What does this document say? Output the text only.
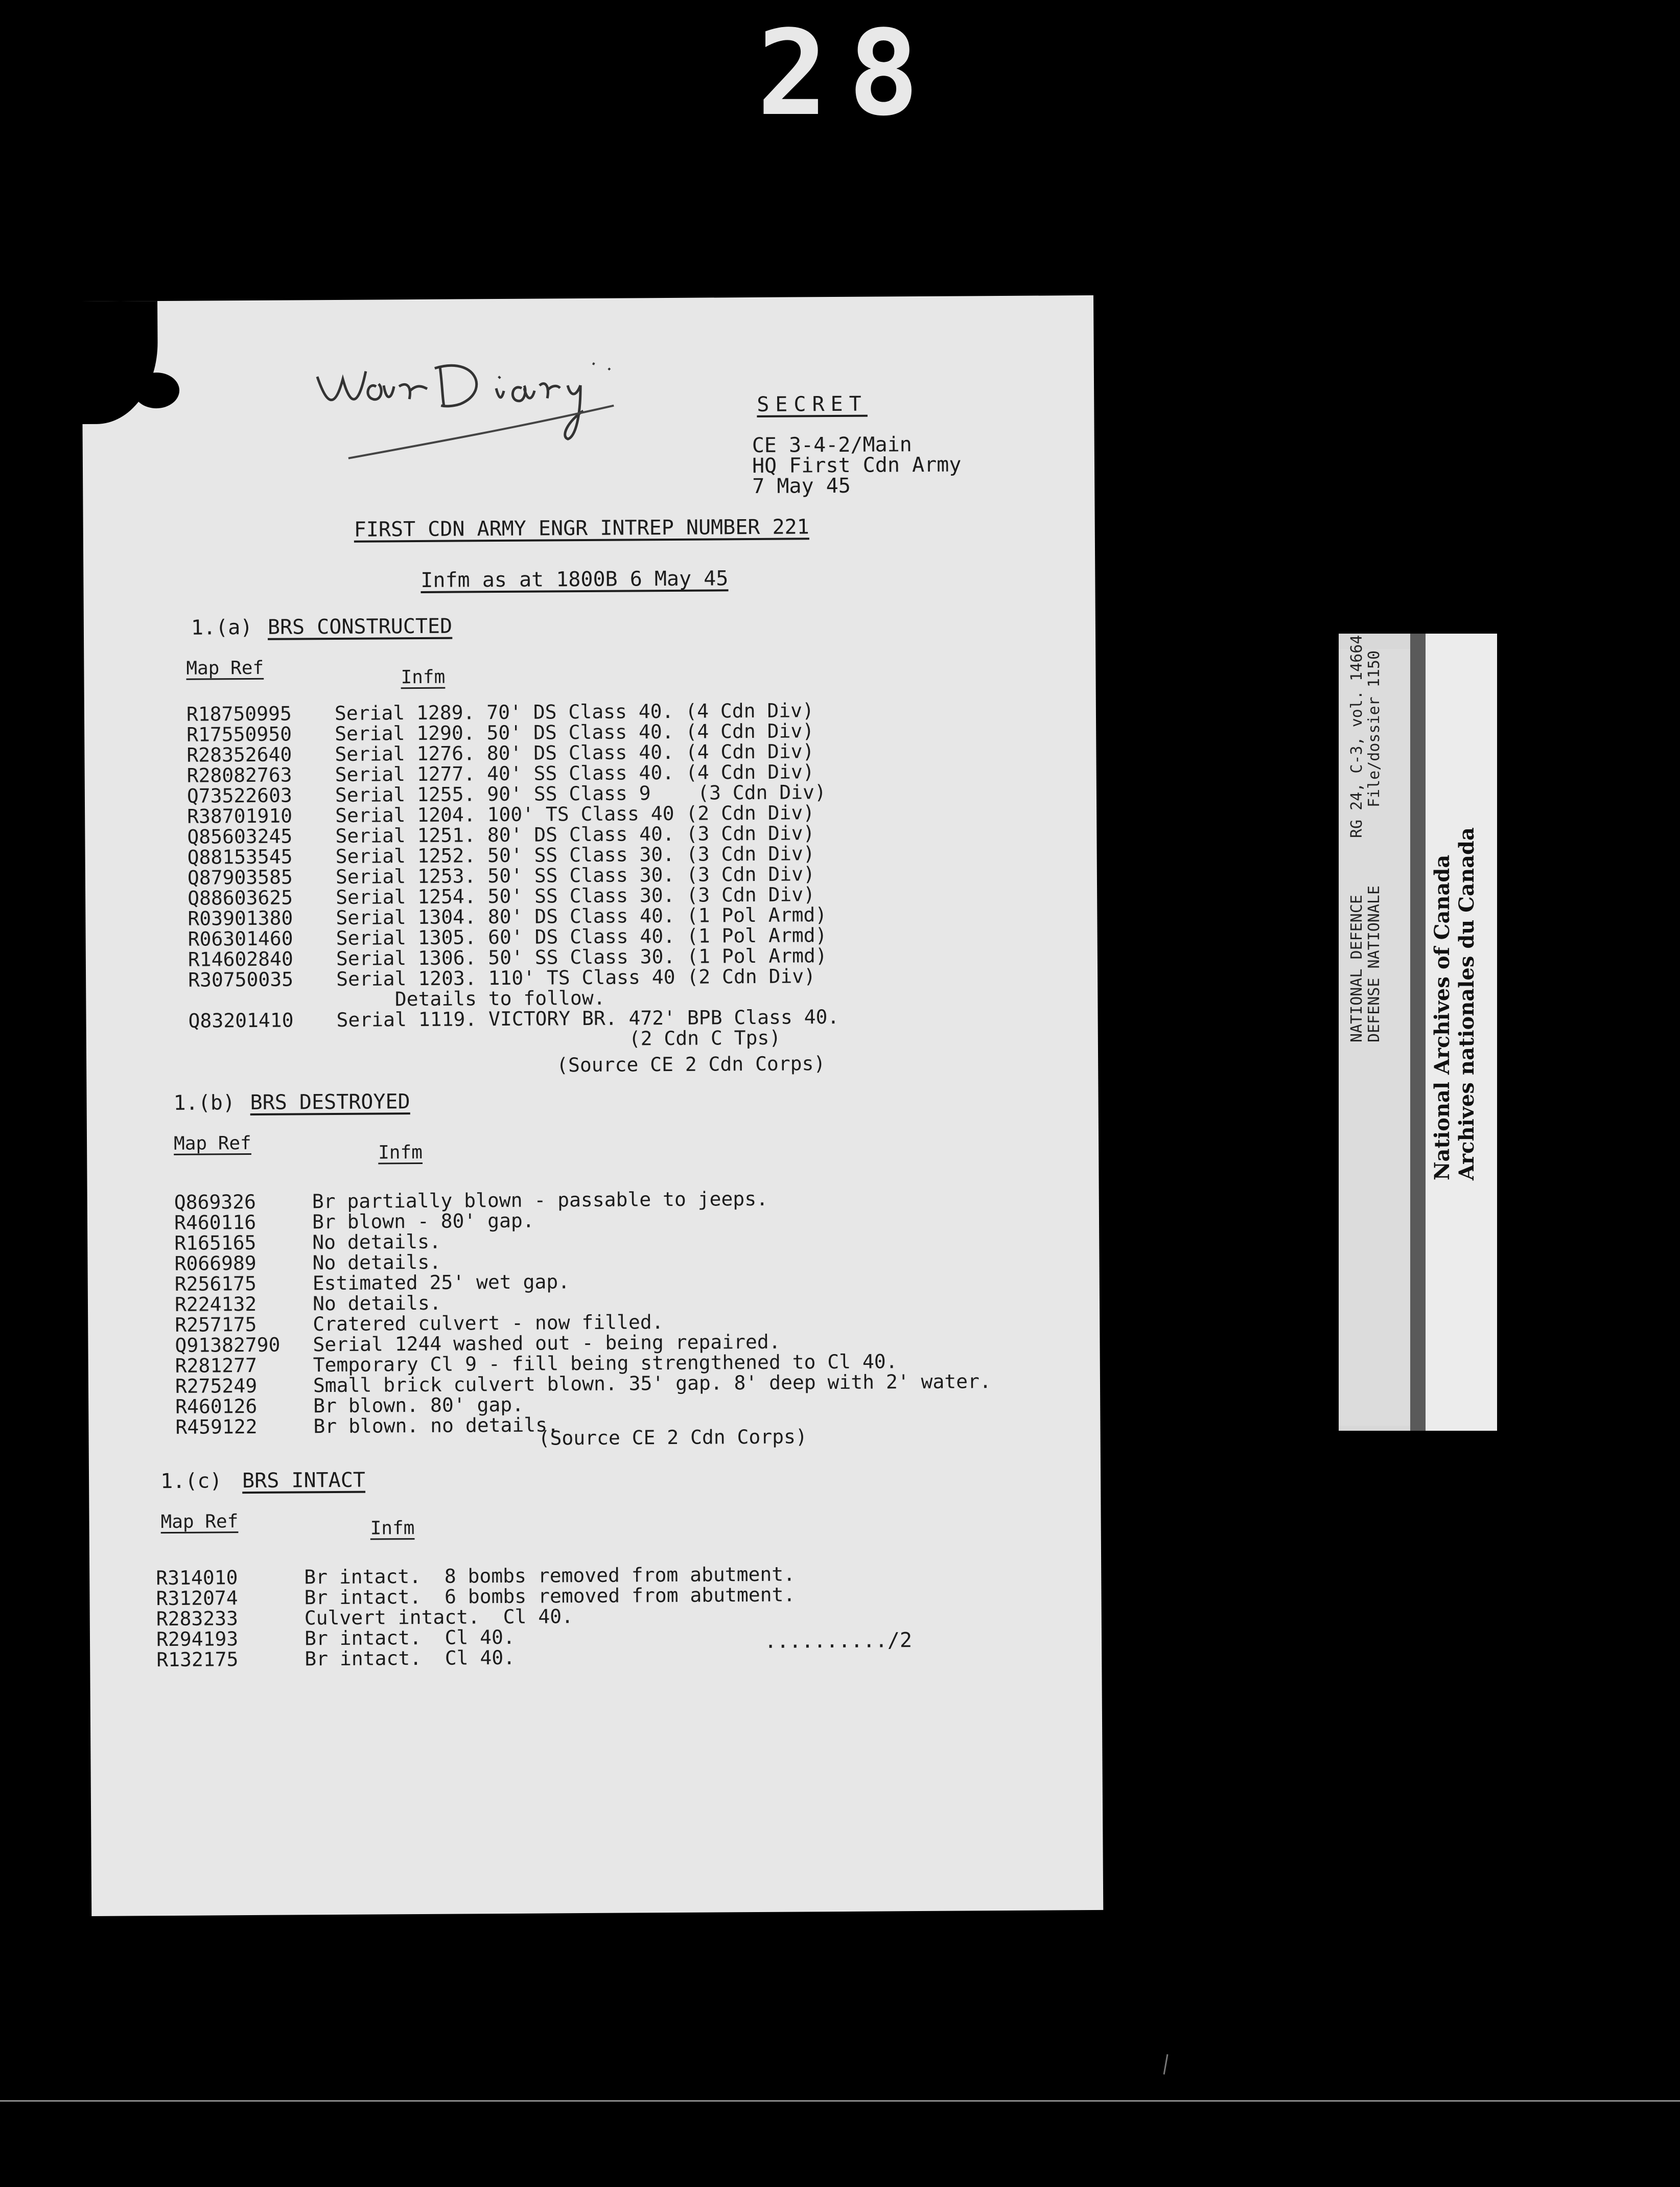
28
SECRET
CE 3-4-2/Main
HQ First Cdn Army
7 May 45
FIRST CDN ARMY ENGR INTREP NUMBER 221
Infm as at 1800B 6 May 45
1.(a) BRS CONSTRUCTED
Map Ref	Infm
R18750995 Serial 1289. 70' DS Class 40. (4 Cdn Div)
R17550950 Serial 1290. 50' DS Class 40. (4 Cdn Div)
R28352640 Serial 1276. 80' DS Class 40. (4 Cdn Div)
R28082763 Serial 1277. 40' SS Class 40. (4 Cdn Div)
Q73522603 Serial 1255. 90' SS Class 9    (3 Cdn Div)
R38701910 Serial 1204. 100' TS Class 40 (2 Cdn Div)
Q85603245 Serial 1251. 80' DS Class 40. (3 Cdn Div)
Q88153545 Serial 1252. 50' SS Class 30. (3 Cdn Div)
Q87903585 Serial 1253. 50' SS Class 30. (3 Cdn Div)
Q88603625 Serial 1254. 50' SS Class 30. (3 Cdn Div)
R03901380 Serial 1304. 80' DS Class 40. (1 Pol Armd)
R06301460 Serial 1305. 60' DS Class 40. (1 Pol Armd)
R14602840 Serial 1306. 50' SS Class 30. (1 Pol Armd)
R30750035 Serial 1203. 110' TS Class 40 (2 Cdn Div)
Details to follow.
Q83201410 Serial 1119. VICTORY BR. 472' BPB Class 40.
(2 Cdn C Tps)
(Source CE 2 Cdn Corps)
1.(b) BRS DESTROYED
Map Ref	Infm
Q869326	Br partially blown - passable to jeeps.
R460116	Br blown - 80' gap.
R165165	No details.
R066989	No details.
R256175	Estimated 25' wet gap.
R224132	No details.
R257175	Cratered culvert - now filled.
Q91382790 Serial 1244 washed out - being repaired.
R281277	Temporary Cl 9 - fill being strengthened to Cl 40.
R275249	Small brick culvert blown. 35' gap. 8' deep with 2' water.
R460126	Br blown. 80' gap.
R459122	Br blown. no details.
(Source CE 2 Cdn Corps)
1.(c) BRS INTACT
Map Ref	Infm
R314010	Br intact.  8 bombs removed from abutment.
R312074	Br intact.  6 bombs removed from abutment.
R283233	Culvert intact.  Cl 40.
R294193	Br intact.  Cl 40.
R132175	Br intact.  Cl 40.
........../2
NATIONAL DEFENCE DEFENSE NATIONALE
RG 24, C-3, vol. 14664 File/dossier 1150
National Archives of Canada Archives nationales du Canada
